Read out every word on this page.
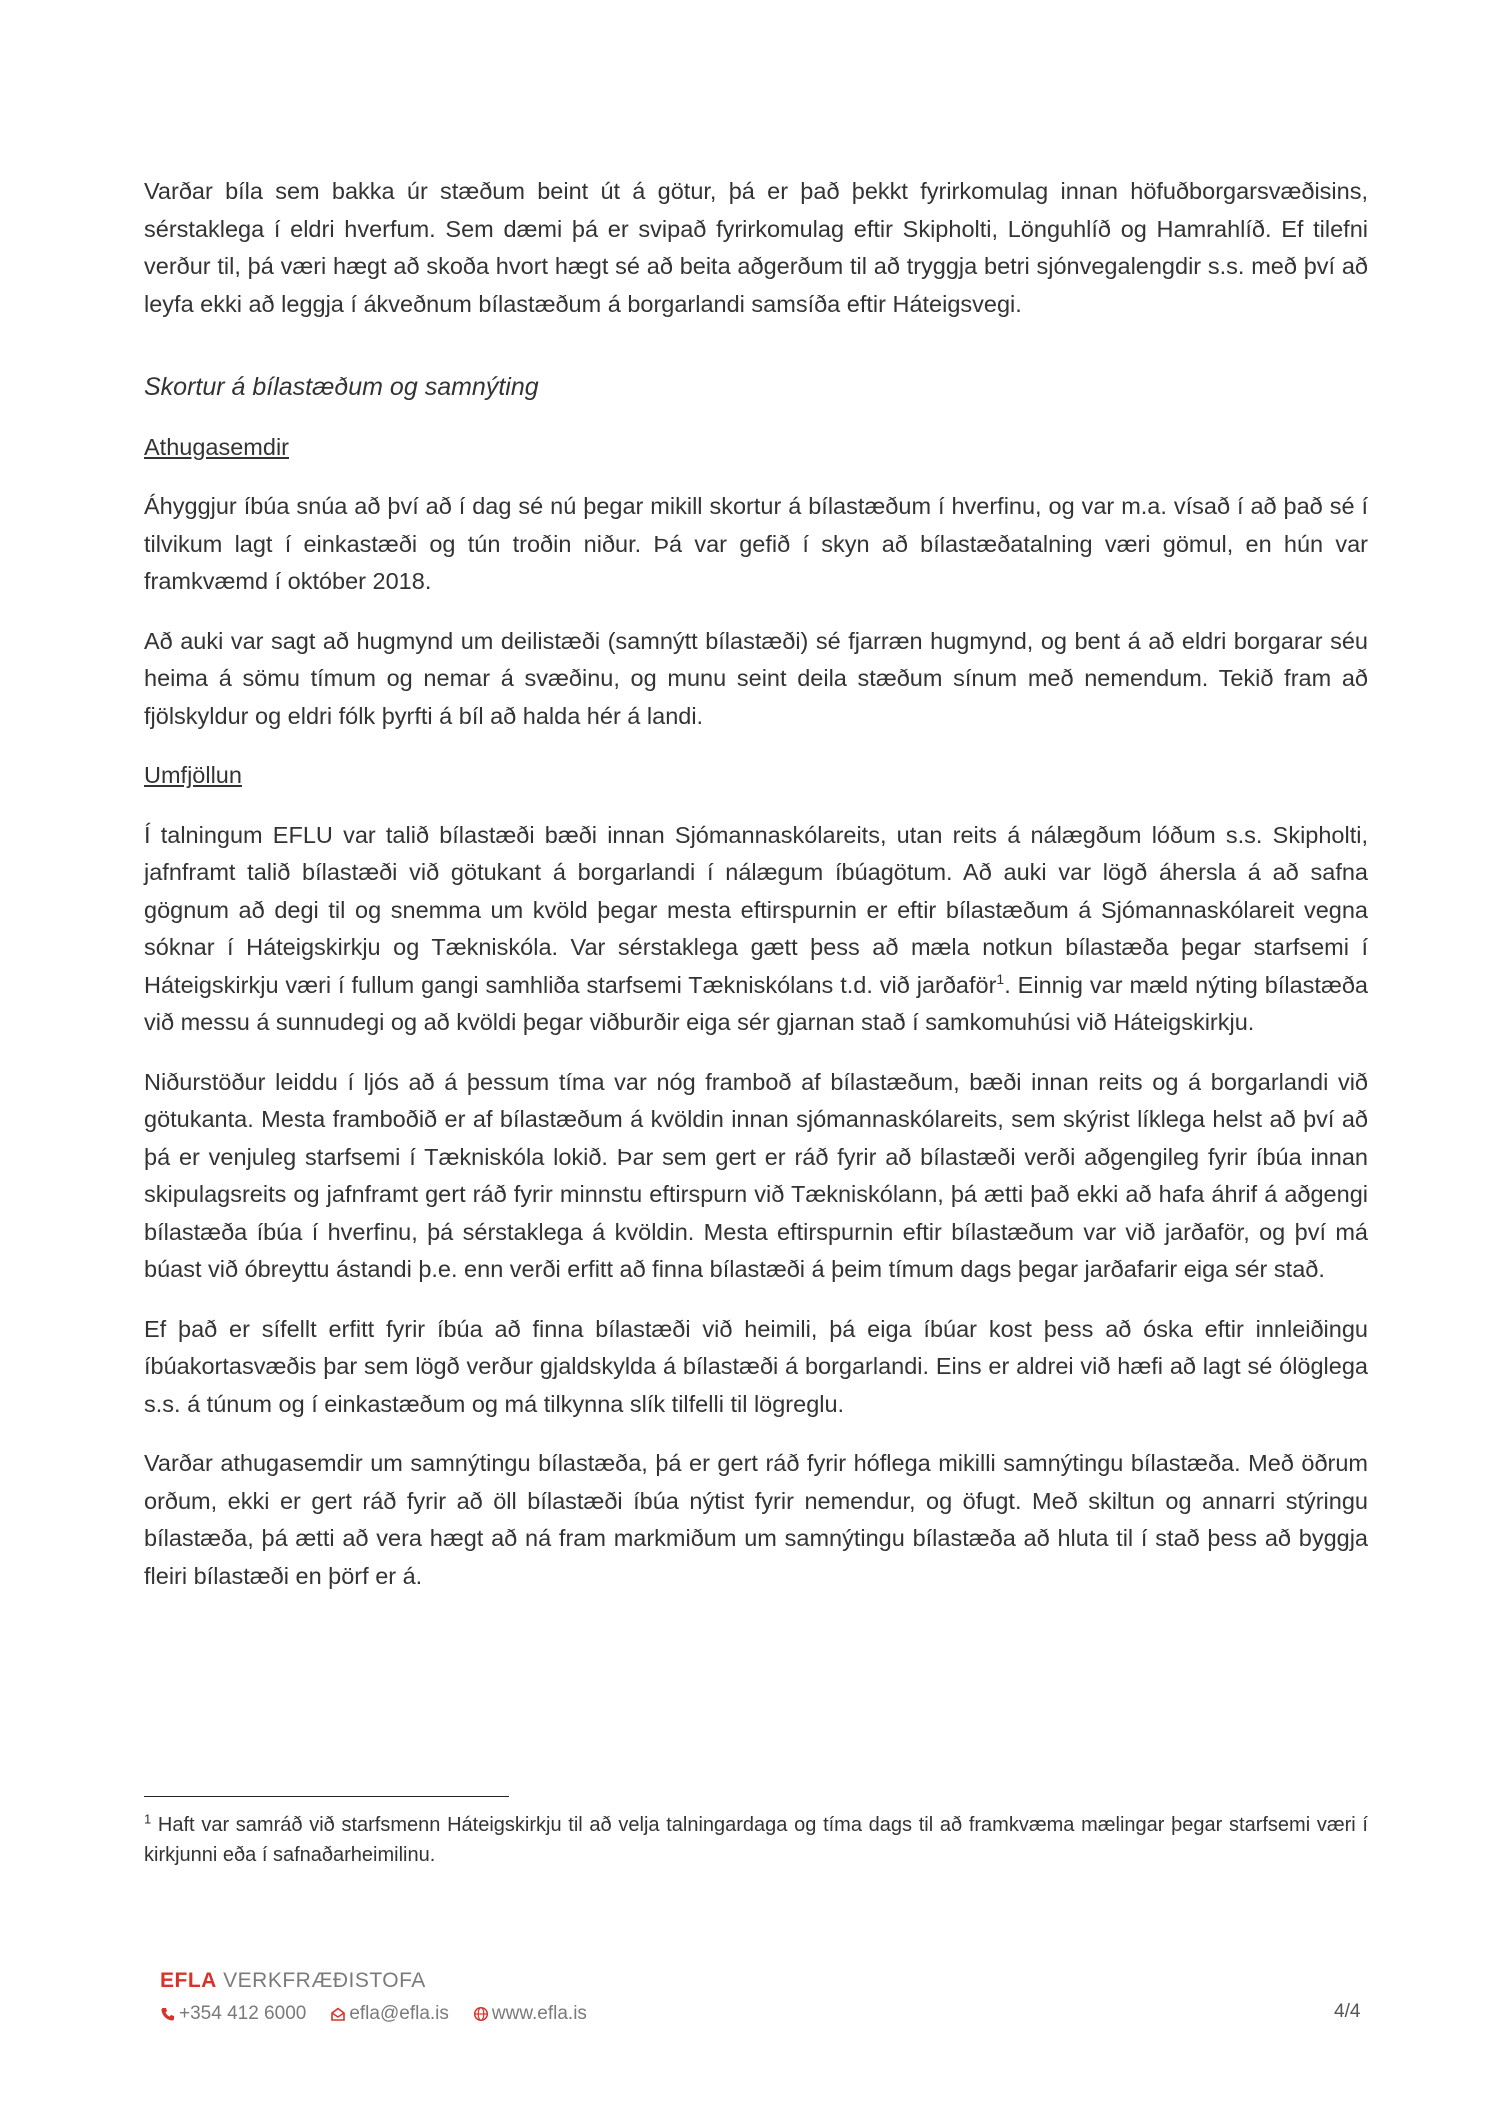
Varðar bíla sem bakka úr stæðum beint út á götur, þá er það þekkt fyrirkomulag innan höfuðborgarsvæðisins, sérstaklega í eldri hverfum. Sem dæmi þá er svipað fyrirkomulag eftir Skipholti, Lönguhlíð og Hamrahlíð. Ef tilefni verður til, þá væri hægt að skoða hvort hægt sé að beita aðgerðum til að tryggja betri sjónvegalengdir s.s. með því að leyfa ekki að leggja í ákveðnum bílastæðum á borgarlandi samsíða eftir Háteigsvegi.

Skortur á bílastæðum og samnýting
Athugasemdir

Áhyggjur íbúa snúa að því að í dag sé nú þegar mikill skortur á bílastæðum í hverfinu, og var m.a. vísað í að það sé í tilvikum lagt í einkastæði og tún troðin niður. Þá var gefið í skyn að bílastæðatalning væri gömul, en hún var framkvæmd í október 2018.

Að auki var sagt að hugmynd um deilistæði (samnýtt bílastæði) sé fjarræn hugmynd, og bent á að eldri borgarar séu heima á sömu tímum og nemar á svæðinu, og munu seint deila stæðum sínum með nemendum. Tekið fram að fjölskyldur og eldri fólk þyrfti á bíl að halda hér á landi.

Umfjöllun

Í talningum EFLU var talið bílastæði bæði innan Sjómannaskólareits, utan reits á nálægðum lóðum s.s. Skipholti, jafnframt talið bílastæði við götukant á borgarlandi í nálægum íbúagötum. Að auki var lögð áhersla á að safna gögnum að degi til og snemma um kvöld þegar mesta eftirspurnin er eftir bílastæðum á Sjómannaskólareit vegna sóknar í Háteigskirkju og Tækniskóla. Var sérstaklega gætt þess að mæla notkun bílastæða þegar starfsemi í Háteigskirkju væri í fullum gangi samhliða starfsemi Tækniskólans t.d. við jarðaför$^1$. Einnig var mæld nýting bílastæða við messu á sunnudegi og að kvöldi þegar viðburðir eiga sér gjarnan stað í samkomuhúsi við Háteigskirkju.

Niðurstöður leiddu í ljós að á þessum tíma var nóg framboð af bílastæðum, bæði innan reits og á borgarlandi við götukanta. Mesta framboðið er af bílastæðum á kvöldin innan sjómannaskólareits, sem skýrist líklega helst að því að þá er venjuleg starfsemi í Tækniskóla lokið. Þar sem gert er ráð fyrir að bílastæði verði aðgengileg fyrir íbúa innan skipulagsreits og jafnframt gert ráð fyrir minnstu eftirspurn við Tækniskólann, þá ætti það ekki að hafa áhrif á aðgengi bílastæða íbúa í hverfinu, þá sérstaklega á kvöldin. Mesta eftirspurnin eftir bílastæðum var við jarðaför, og því má búast við óbreyttu ástandi þ.e. enn verði erfitt að finna bílastæði á þeim tímum dags þegar jarðafarir eiga sér stað.

Ef það er sífellt erfitt fyrir íbúa að finna bílastæði við heimili, þá eiga íbúar kost þess að óska eftir innleiðingu íbúakortasvæðis þar sem lögð verður gjaldskylda á bílastæði á borgarlandi. Eins er aldrei við hæfi að lagt sé ólöglega s.s. á túnum og í einkastæðum og má tilkynna slík tilfelli til lögreglu.

Varðar athugasemdir um samnýtingu bílastæða, þá er gert ráð fyrir hóflega mikilli samnýtingu bílastæða. Með öðrum orðum, ekki er gert ráð fyrir að öll bílastæði íbúa nýtist fyrir nemendur, og öfugt. Með skiltun og annarri stýringu bílastæða, þá ætti að vera hægt að ná fram markmiðum um samnýtingu bílastæða að hluta til í stað þess að byggja fleiri bílastæði en þörf er á.

$^1$ Haft var samráð við starfsmenn Háteigskirkju til að velja talningardaga og tíma dags til að framkvæma mælingar þegar starfsemi væri í kirkjunni eða í safnaðarheimilinu.
EFLA VERKFRÆÐISTOFA
+354 412 6000 efla@efla.is www.efla.is	4/4
